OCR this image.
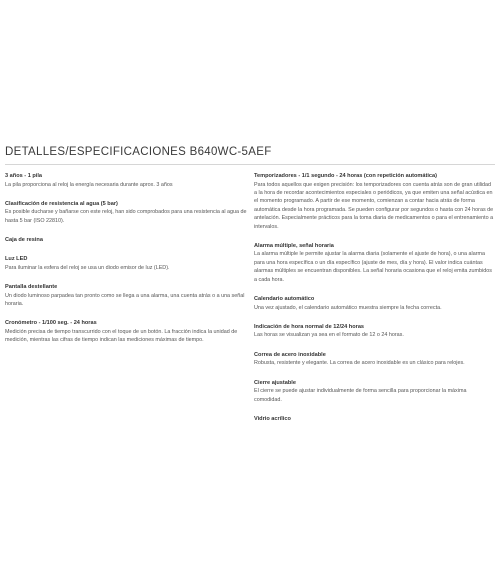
DETALLES/ESPECIFICACIONES B640WC-5AEF
3 años - 1 pila
La pila proporciona al reloj la energía necesaria durante aprox. 3 años
Clasificación de resistencia al agua (5 bar)
Es posible ducharse y bañarse con este reloj, han sido comprobados para una resistencia al agua de hasta 5 bar (ISO 22810).
Caja de resina
Luz LED
Para iluminar la esfera del reloj se usa un diodo emisor de luz (LED).
Pantalla destellante
Un diodo luminoso parpadea tan pronto como se llega a una alarma, una cuenta atrás o a una señal horaria.
Cronómetro - 1/100 seg. - 24 horas
Medición precisa de tiempo transcurrido con el toque de un botón. La fracción indica la unidad de medición, mientras las cifras de tiempo indican las mediciones máximas de tiempo.
Temporizadores - 1/1 segundo - 24 horas (con repetición automática)
Para todos aquellos que exigen precisión: los temporizadores con cuenta atrás son de gran utilidad a la hora de recordar acontecimientos especiales o periódicos, ya que emiten una señal acústica en el momento programado. A partir de ese momento, comienzan a contar hacia atrás de forma automática desde la hora programada. Se pueden configurar por segundos o hasta con 24 horas de antelación. Especialmente prácticos para la toma diaria de medicamentos o para el entrenamiento a intervalos.
Alarma múltiple, señal horaria
La alarma múltiple le permite ajustar la alarma diaria (solamente el ajuste de hora), o una alarma para una hora específica o un día específico (ajuste de mes, día y hora). El valor indica cuántas alarmas múltiples se encuentran disponibles. La señal horaria ocasiona que el reloj emita zumbidos a cada hora.
Calendario automático
Una vez ajustado, el calendario automático muestra siempre la fecha correcta.
Indicación de hora normal de 12/24 horas
Las horas se visualizan ya sea en el formato de 12 o 24 horas.
Correa de acero inoxidable
Robusta, resistente y elegante. La correa de acero inoxidable es un clásico para relojes.
Cierre ajustable
El cierre se puede ajustar individualmente de forma sencilla para proporcionar la máxima comodidad.
Vidrio acrílico
